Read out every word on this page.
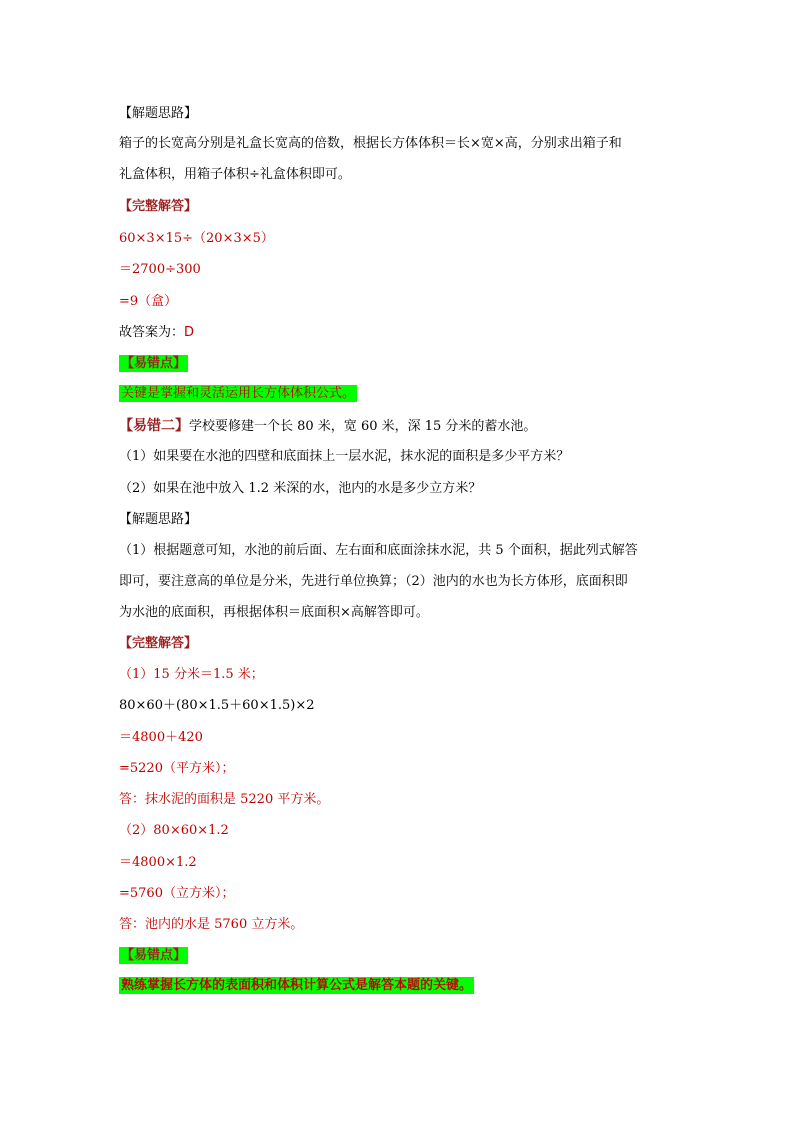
【解题思路】
箱子的长宽高分别是礼盒长宽高的倍数，根据长方体体积＝长×宽×高，分别求出箱子和
礼盒体积，用箱子体积÷礼盒体积即可。
【完整解答】
60×3×15÷（20×3×5）
＝2700÷300
=9（盒）
故答案为：D
【易错点】
关键是掌握和灵活运用长方体体积公式。
【易错二】学校要修建一个长 80 米，宽 60 米，深 15 分米的蓄水池。
（1）如果要在水池的四壁和底面抹上一层水泥，抹水泥的面积是多少平方米？
（2）如果在池中放入 1.2 米深的水，池内的水是多少立方米？
【解题思路】
（1）根据题意可知，水池的前后面、左右面和底面涂抹水泥，共 5 个面积，据此列式解答
即可，要注意高的单位是分米，先进行单位换算；（2）池内的水也为长方体形，底面积即
为水池的底面积，再根据体积＝底面积×高解答即可。
【完整解答】
（1）15 分米＝1.5 米；
80×60＋(80×1.5＋60×1.5)×2
＝4800＋420
=5220（平方米）；
答：抹水泥的面积是 5220 平方米。
（2）80×60×1.2
＝4800×1.2
=5760（立方米）；
答：池内的水是 5760 立方米。
【易错点】
熟练掌握长方体的表面积和体积计算公式是解答本题的关键。
